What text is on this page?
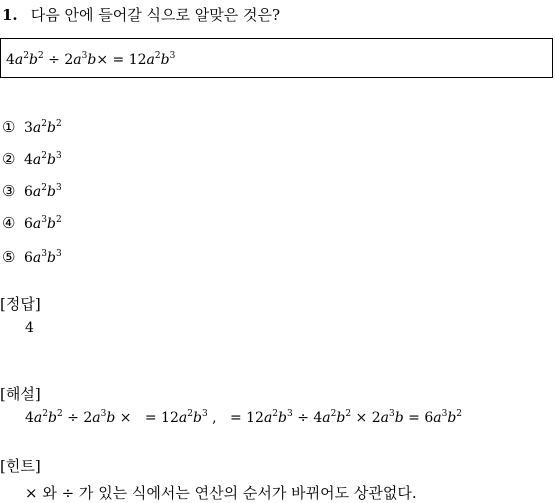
1. 다음 안에 들어갈 식으로 알맞은 것은?
$4a^2b^2 \div 2a^3b\times = 12a^2b^3$
① $3a^2b^2$
② $4a^2b^3$
③ $6a^2b^3$
④ $6a^3b^2$
⑤ $6a^3b^3$
[정답]
4
[해설]
$4a^2b^2 \div 2a^3b$ × = $12a^2b^3$ , = $12a^2b^3 \div 4a^2b^2 \times 2a^3b = 6a^3b^2$
[힌트]
× 와 ÷ 가 있는 식에서는 연산의 순서가 바뀌어도 상관없다.
